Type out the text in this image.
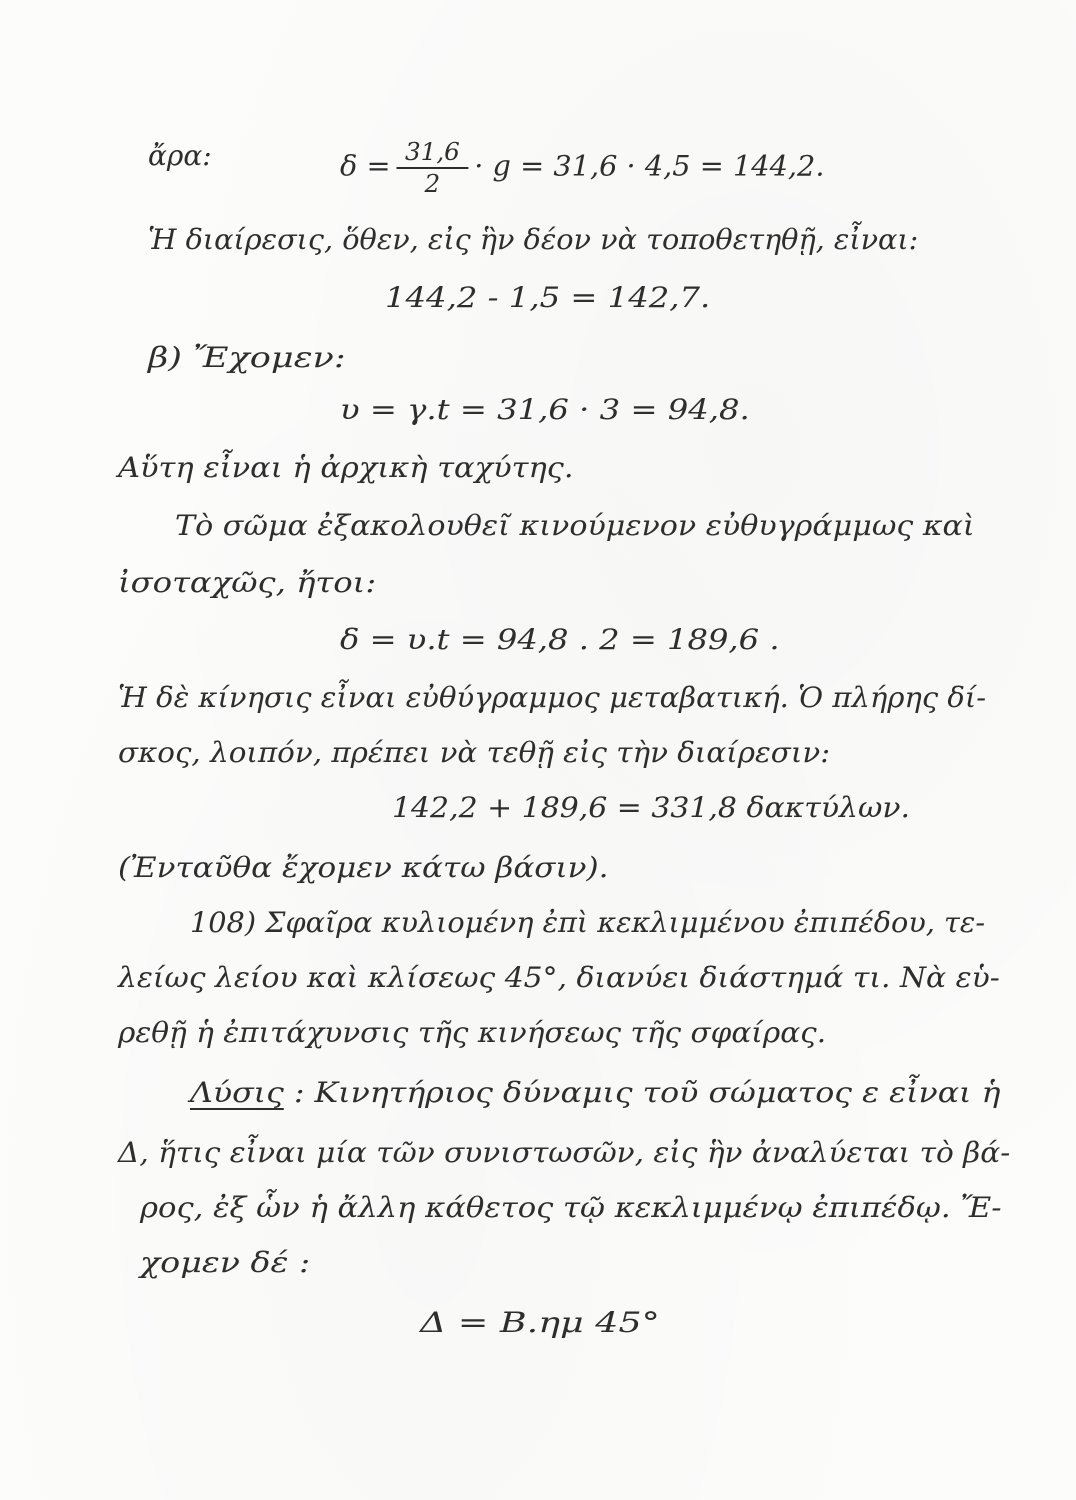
ἄρα:	$\delta = \frac{31,6}{2} \cdot g = 31,6 \cdot 4,5 = 144,2$.
Ἡ διαίρεσις, ὅθεν, εἰς ἣν δέον νὰ τοποθετηθῇ, εἶναι:
144,2 - 1,5 = 142,7.
β) Ἔχομεν:
υ = γ.t = 31,6 · 3 = 94,8.
Αὕτη εἶναι ἡ ἀρχικὴ ταχύτης.
Τὸ σῶμα ἐξακολουθεῖ κινούμενον εὐθυγράμμως καὶ
ἰσοταχῶς, ἤτοι:
δ = υ.t = 94,8 . 2 = 189,6 .
Ἡ δὲ κίνησις εἶναι εὐθύγραμμος μεταβατική. Ὁ πλήρης δί-
σκος, λοιπόν, πρέπει νὰ τεθῇ εἰς τὴν διαίρεσιν:
142,2 + 189,6 = 331,8 δακτύλων.
(Ἐνταῦθα ἔχομεν κάτω βάσιν).
108) Σφαῖρα κυλιομένη ἐπὶ κεκλιμμένου ἐπιπέδου, τε-
λείως λείου καὶ κλίσεως 45°, διανύει διάστημά τι. Νὰ εὑ-
ρεθῇ ἡ ἐπιτάχυνσις τῆς κινήσεως τῆς σφαίρας.
Λύσις : Κινητήριος δύναμις τοῦ σώματος ε εἶναι ἡ
Δ, ἥτις εἶναι μία τῶν συνιστωσῶν, εἰς ἣν ἀναλύεται τὸ βά-
ρος, ἐξ ὧν ἡ ἄλλη κάθετος τῷ κεκλιμμένῳ ἐπιπέδῳ. Ἔ-
χομεν δέ :
Δ = Β.ημ 45°
